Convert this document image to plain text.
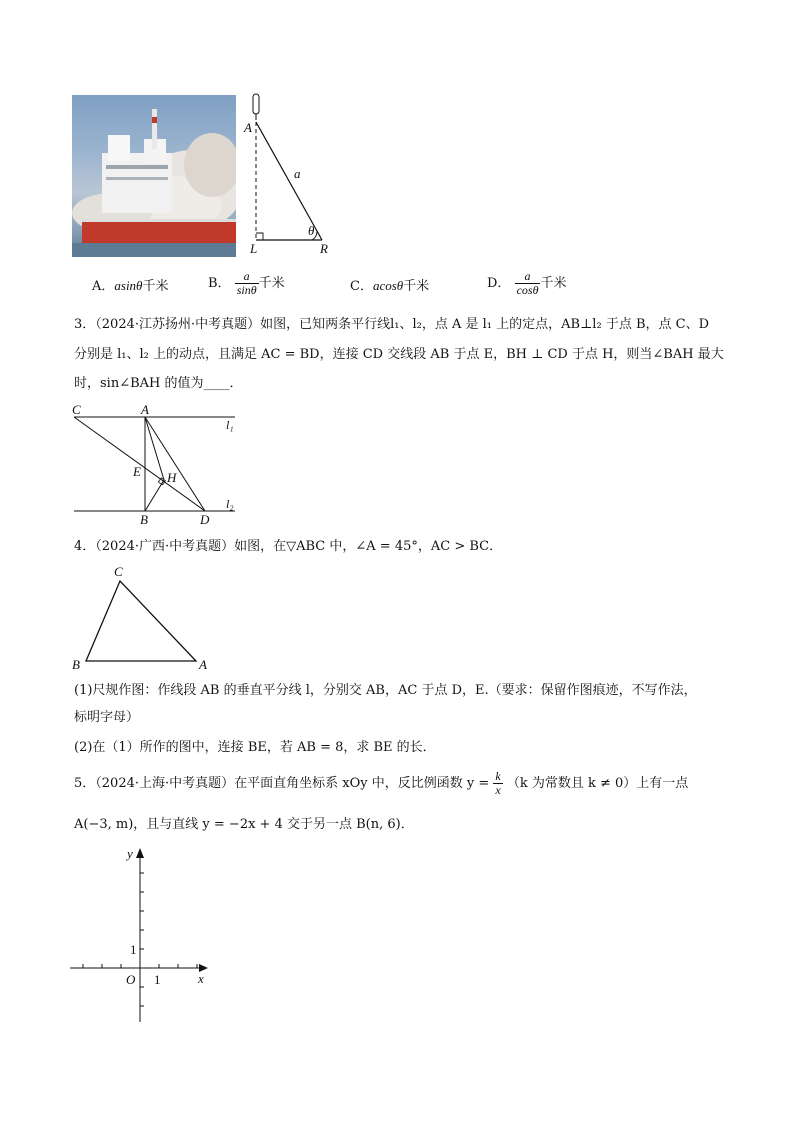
A
a
θ
L	R
A．asinθ千米	B． $\frac{a}{\sin\theta}$ 千米	C．acosθ千米	D． $\frac{a}{\cos\theta}$ 千米
3．（2024·江苏扬州·中考真题）如图，已知两条平行线l₁、l₂，点 A 是 l₁ 上的定点，AB⊥l₂ 于点 B，点 C、D
分别是 l₁、l₂ 上的动点，且满足 AC = BD，连接 CD 交线段 AB 于点 E，BH ⊥ CD 于点 H，则当∠BAH 最大
时，sin∠BAH 的值为____．
C	A
l₁
E H
l₂
B	D
4．（2024·广西·中考真题）如图，在▽ABC 中，∠A = 45°，AC > BC．
C
B	A
(1)尺规作图：作线段 AB 的垂直平分线 l，分别交 AB，AC 于点 D，E.（要求：保留作图痕迹，不写作法，
标明字母）
(2)在（1）所作的图中，连接 BE，若 AB = 8，求 BE 的长．
5．（2024·上海·中考真题）在平面直角坐标系 xOy 中，反比例函数 $y = \frac{k}{x} (k$ 为常数且 k ≠ 0）上有一点
A(−3, m)，且与直线 y = −2x + 4 交于另一点 B(n, 6)．
y
x
O 1
1
